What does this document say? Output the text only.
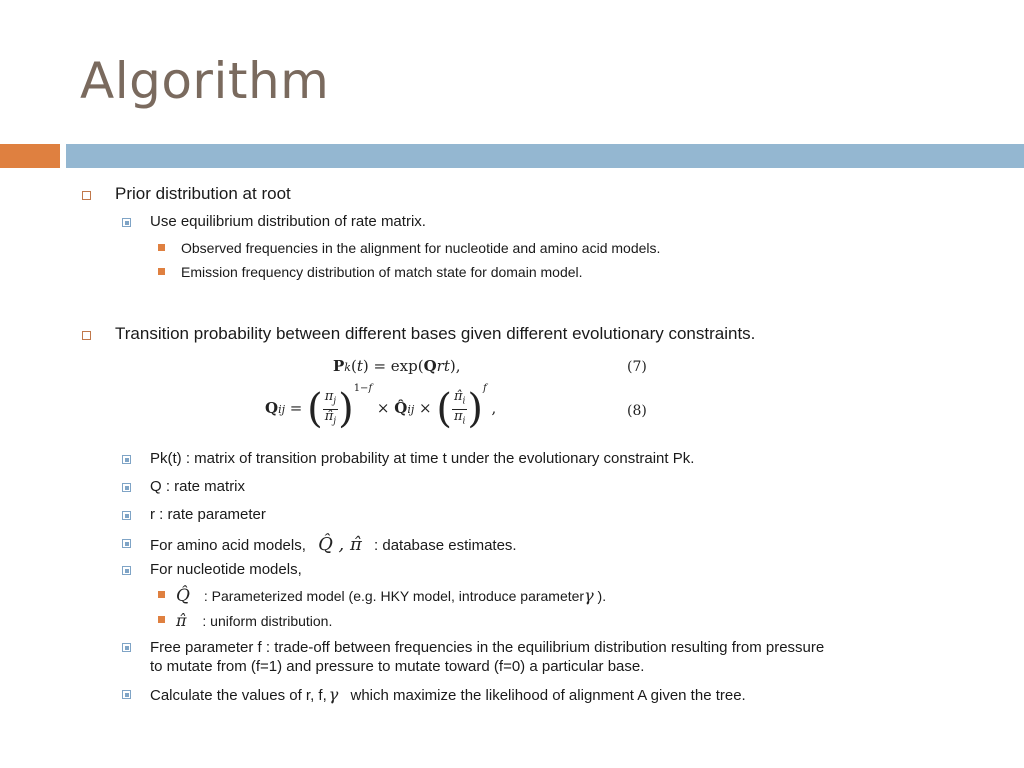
Algorithm
Prior distribution at root
Use equilibrium distribution of rate matrix.
Observed frequencies in the alignment for nucleotide and amino acid models.
Emission frequency distribution of match state for domain model.
Transition probability between different bases given different evolutionary constraints.
Pk(t) = exp(Qrt),	(7)
Qij = ( $\frac{\pi_j}{\pî_j} )^{1-f}$ × Q̂ij × ( $\frac{\pî_i}{\pi_i} )^f$ ,	(8)
Pk(t) : matrix of transition probability at time t under the evolutionary constraint Pk.
Q : rate matrix
r : rate parameter
For amino acid models, Q̂ , π̂ : database estimates.
For nucleotide models,
Q̂ : Parameterized model (e.g. HKY model, introduce parameterγ ).
π̂ : uniform distribution.
Free parameter f : trade-off between frequencies in the equilibrium distribution resulting from pressure
to mutate from (f=1) and pressure to mutate toward (f=0) a particular base.
Calculate the values of r, f, γ which maximize the likelihood of alignment A given the tree.
